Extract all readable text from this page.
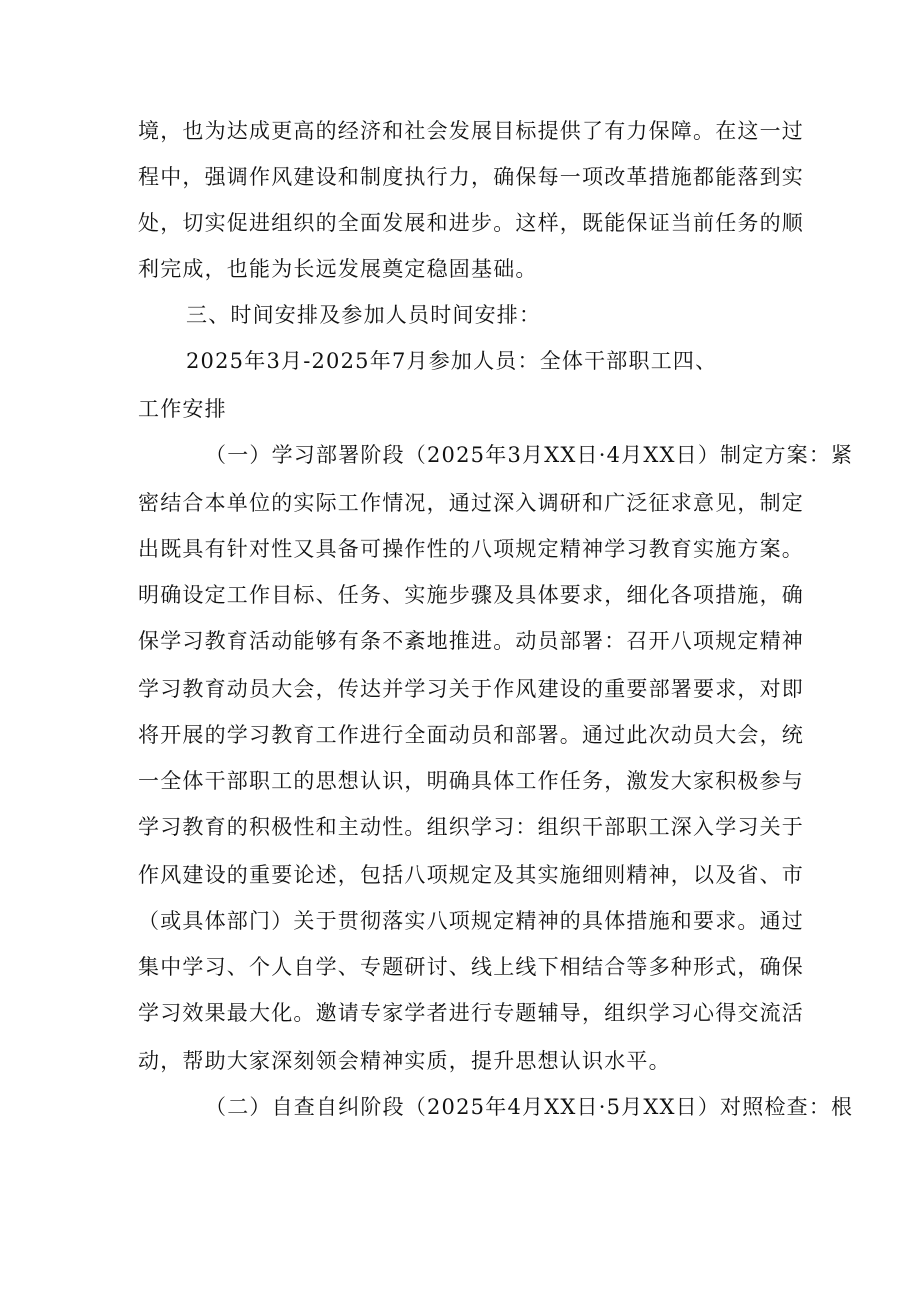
境，也为达成更高的经济和社会发展目标提供了有力保障。在这一过
程中，强调作风建设和制度执行力，确保每一项改革措施都能落到实
处，切实促进组织的全面发展和进步。这样，既能保证当前任务的顺
利完成，也能为长远发展奠定稳固基础。
三、时间安排及参加人员时间安排：
2025年3月-2025年7月参加人员：全体干部职工四、
工作安排
（一）学习部署阶段（2025年3月XX日·4月XX日）制定方案：紧
密结合本单位的实际工作情况，通过深入调研和广泛征求意见，制定
出既具有针对性又具备可操作性的八项规定精神学习教育实施方案。
明确设定工作目标、任务、实施步骤及具体要求，细化各项措施，确
保学习教育活动能够有条不紊地推进。动员部署：召开八项规定精神
学习教育动员大会，传达并学习关于作风建设的重要部署要求，对即
将开展的学习教育工作进行全面动员和部署。通过此次动员大会，统
一全体干部职工的思想认识，明确具体工作任务，激发大家积极参与
学习教育的积极性和主动性。组织学习：组织干部职工深入学习关于
作风建设的重要论述，包括八项规定及其实施细则精神，以及省、市
（或具体部门）关于贯彻落实八项规定精神的具体措施和要求。通过
集中学习、个人自学、专题研讨、线上线下相结合等多种形式，确保
学习效果最大化。邀请专家学者进行专题辅导，组织学习心得交流活
动，帮助大家深刻领会精神实质，提升思想认识水平。
（二）自查自纠阶段（2025年4月XX日·5月XX日）对照检查：根
